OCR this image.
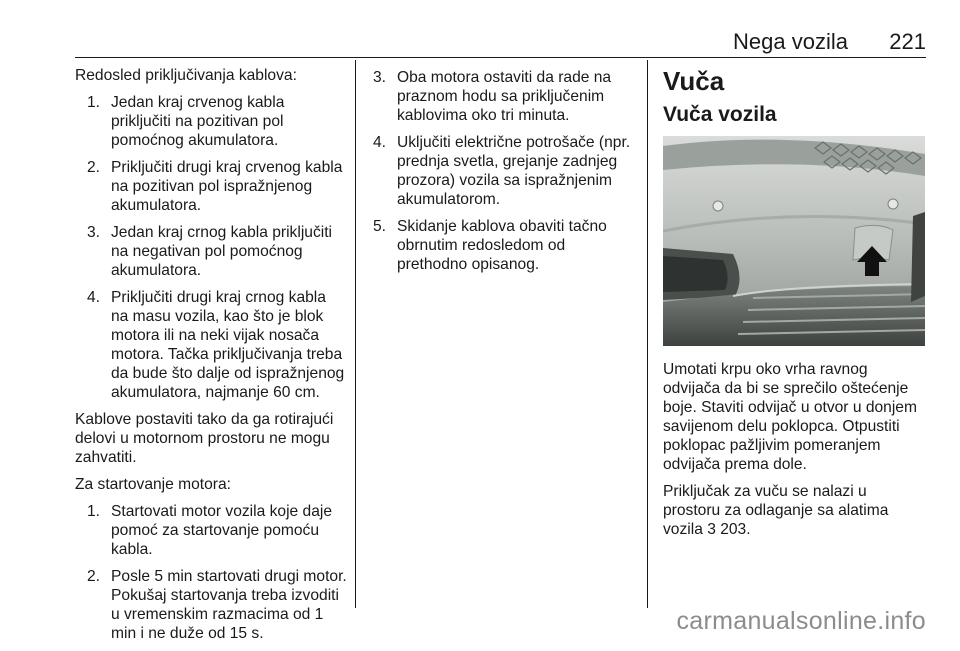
Nega vozila 221

Redosled priključivanja kablova:

1. Jedan kraj crvenog kabla priključiti na pozitivan pol pomoćnog akumulatora.
2. Priključiti drugi kraj crvenog kabla na pozitivan pol ispražnjenog akumulatora.
3. Jedan kraj crnog kabla priključiti na negativan pol pomoćnog akumulatora.
4. Priključiti drugi kraj crnog kabla na masu vozila, kao što je blok motora ili na neki vijak nosača motora. Tačka priključivanja treba da bude što dalje od ispražnjenog akumulatora, najmanje 60 cm.

Kablove postaviti tako da ga rotirajući delovi u motornom prostoru ne mogu zahvatiti.

Za startovanje motora:

1. Startovati motor vozila koje daje pomoć za startovanje pomoću kabla.
2. Posle 5 min startovati drugi motor. Pokušaj startovanja treba izvoditi u vremenskim razmacima od 1 min i ne duže od 15 s.
3. Oba motora ostaviti da rade na praznom hodu sa priključenim kablovima oko tri minuta.
4. Uključiti električne potrošače (npr. prednja svetla, grejanje zadnjeg prozora) vozila sa ispražnjenim akumulatorom.
5. Skidanje kablova obaviti tačno obrnutim redosledom od prethodno opisanog.
Vuča
Vuča vozila

Umotati krpu oko vrha ravnog odvijača da bi se sprečilo oštećenje boje. Staviti odvijač u otvor u donjem savijenom delu poklopca. Otpustiti poklopac pažljivim pomeranjem odvijača prema dole.

Priključak za vuču se nalazi u prostoru za odlaganje sa alatima vozila 3 203.

carmanualsonline.info
